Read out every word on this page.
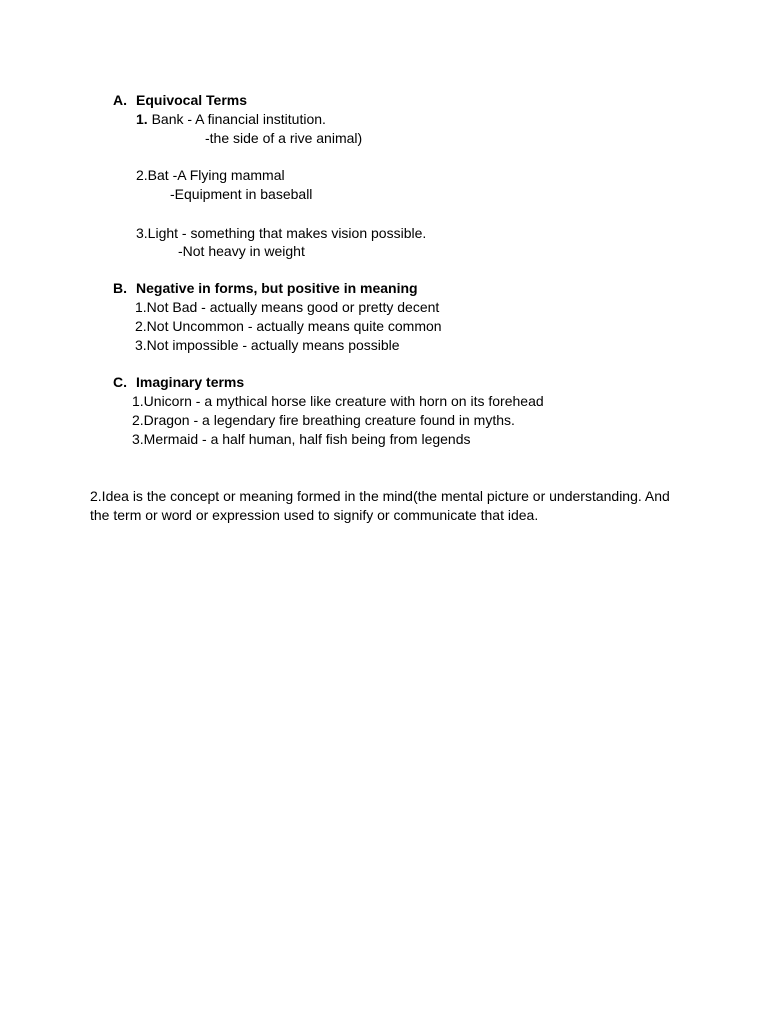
A. Equivocal Terms
1. Bank - A financial institution.
-the side of a rive animal)
2.Bat -A Flying mammal
-Equipment in baseball
3.Light - something that makes vision possible.
-Not heavy in weight
B. Negative in forms, but positive in meaning
1.Not Bad - actually means good or pretty decent
2.Not Uncommon - actually means quite common
3.Not impossible - actually means possible
C. Imaginary terms
1.Unicorn - a mythical horse like creature with horn on its forehead
2.Dragon - a legendary fire breathing creature found in myths.
3.Mermaid - a half human, half fish being from legends
2.Idea is the concept or meaning formed in the mind(the mental picture or understanding. And the term or word or expression used to signify or communicate that idea.
